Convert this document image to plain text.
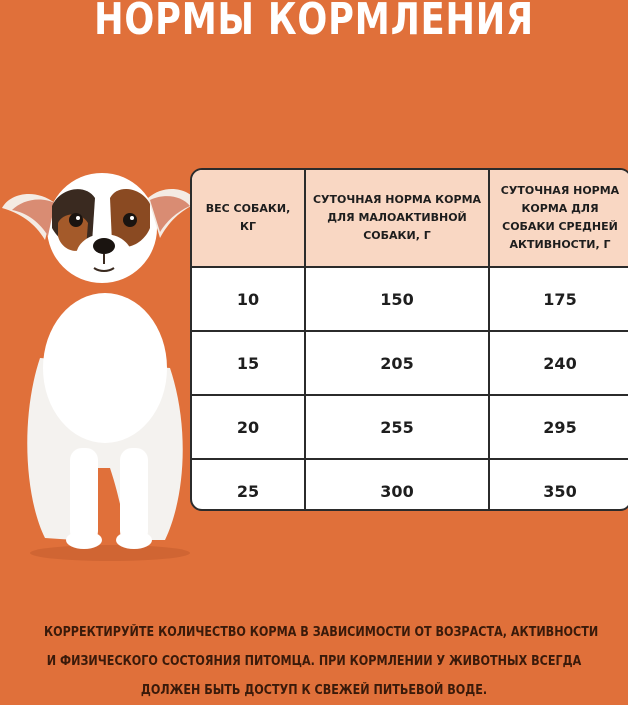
НОРМЫ КОРМЛЕНИЯ
ВЕС СОБАКИ, КГ	СУТОЧНАЯ НОРМА КОРМА ДЛЯ МАЛОАКТИВНОЙ СОБАКИ, Г	СУТОЧНАЯ НОРМА КОРМА ДЛЯ СОБАКИ СРЕДНЕЙ АКТИВНОСТИ, Г
10	150	175
15	205	240
20	255	295
25	300	350
КОРРЕКТИРУЙТЕ КОЛИЧЕСТВО КОРМА В ЗАВИСИМОСТИ ОТ ВОЗРАСТА, АКТИВНОСТИ
И ФИЗИЧЕСКОГО СОСТОЯНИЯ ПИТОМЦА. ПРИ КОРМЛЕНИИ У ЖИВОТНЫХ ВСЕГДА
ДОЛЖЕН БЫТЬ ДОСТУП К СВЕЖЕЙ ПИТЬЕВОЙ ВОДЕ.
